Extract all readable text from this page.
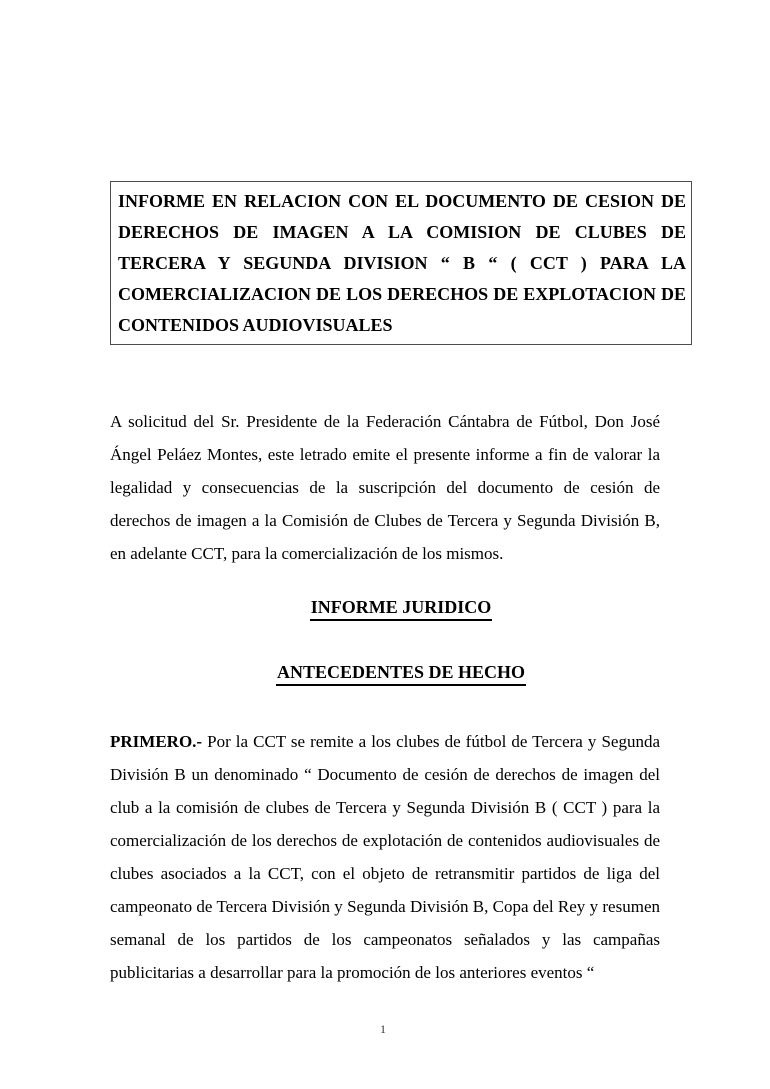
INFORME EN RELACION CON EL DOCUMENTO DE CESION DE
DERECHOS DE IMAGEN A LA COMISION DE CLUBES DE
TERCERA Y SEGUNDA DIVISION “ B “ ( CCT ) PARA LA
COMERCIALIZACION DE LOS DERECHOS DE EXPLOTACION DE
CONTENIDOS AUDIOVISUALES

A solicitud del Sr. Presidente de la Federación Cántabra de Fútbol, Don José Ángel Peláez Montes, este letrado emite el presente informe a fin de valorar la legalidad y consecuencias de la suscripción del documento de cesión de derechos de imagen a la Comisión de Clubes de Tercera y Segunda División B, en adelante CCT, para la comercialización de los mismos.

INFORME JURIDICO
ANTECEDENTES DE HECHO

PRIMERO.- Por la CCT se remite a los clubes de fútbol de Tercera y Segunda División B un denominado “ Documento de cesión de derechos de imagen del club a la comisión de clubes de Tercera y Segunda División B ( CCT ) para la comercialización de los derechos de explotación de contenidos audiovisuales de clubes asociados a la CCT, con el objeto de retransmitir partidos de liga del campeonato de Tercera División y Segunda División B, Copa del Rey y resumen semanal de los partidos de los campeonatos señalados y las campañas publicitarias a desarrollar para la promoción de los anteriores eventos “

1
